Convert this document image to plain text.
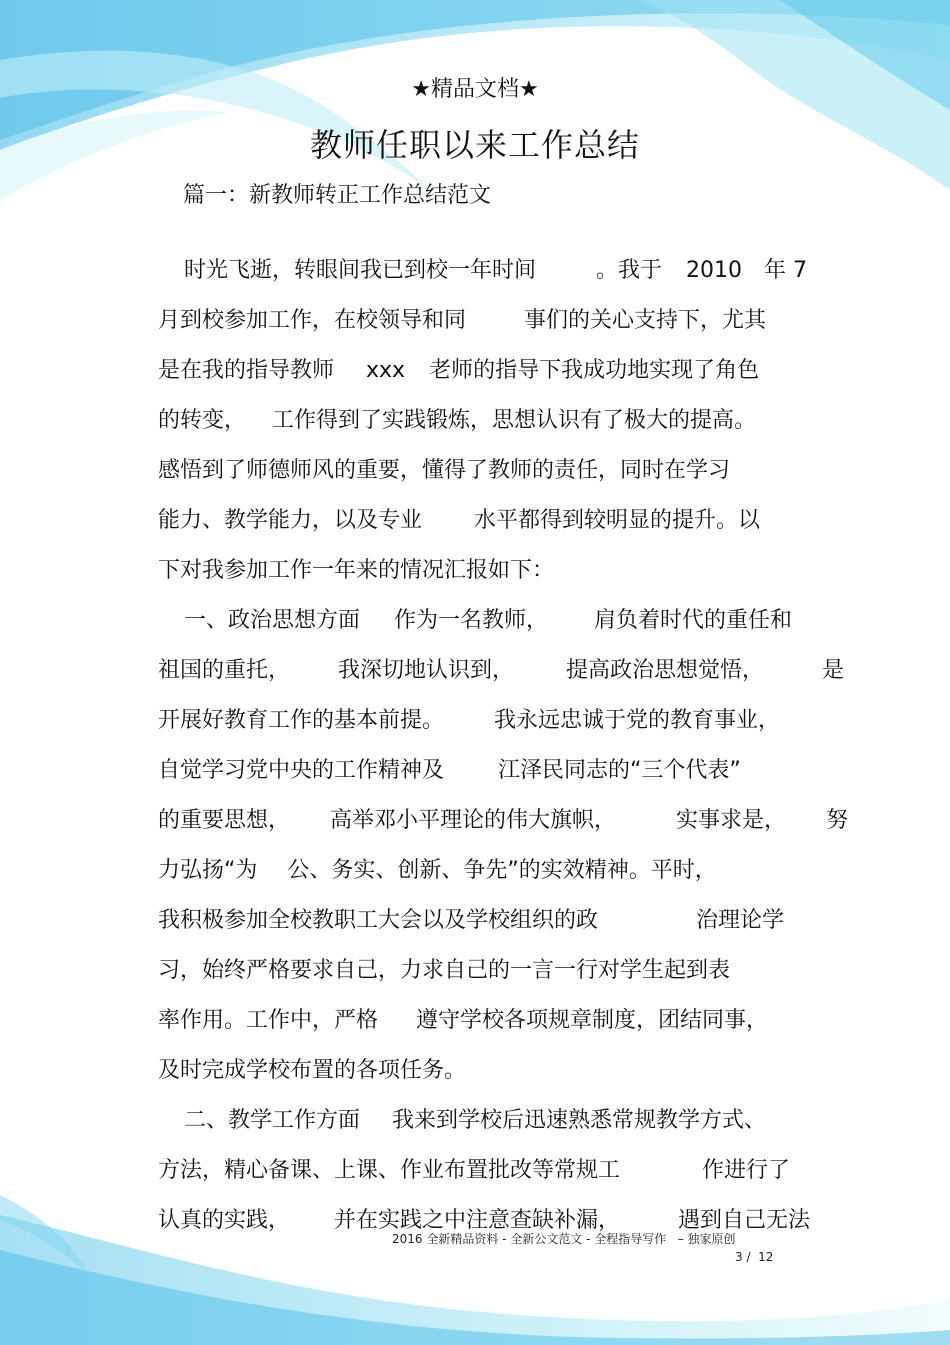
★精品文档★
教师任职以来工作总结
篇一：新教师转正工作总结范文

时光飞逝，转眼间我已到校一年时间	。我于 2010 年 7

月到校参加工作，在校领导和同	事们的关心支持下，尤其

是在我的指导教师 xxx 老师的指导下我成功地实现了角色

的转变， 工作得到了实践锻炼，思想认识有了极大的提高。

感悟到了师德师风的重要，懂得了教师的责任，同时在学习

能力、教学能力，以及专业 水平都得到较明显的提升。以

下对我参加工作一年来的情况汇报如下：

一、政治思想方面 作为一名教师， 肩负着时代的重任和

祖国的重托， 我深切地认识到， 提高政治思想觉悟，	是

开展好教育工作的基本前提。 我永远忠诚于党的教育事业，

自觉学习党中央的工作精神及 江泽民同志的“三个代表”

的重要思想， 高举邓小平理论的伟大旗帜，	实事求是， 努

力弘扬“为 公、务实、创新、争先”的实效精神。平时，

我积极参加全校教职工大会以及学校组织的政	治理论学

习，始终严格要求自己，力求自己的一言一行对学生起到表

率作用。工作中，严格 遵守学校各项规章制度，团结同事，

及时完成学校布置的各项任务。

二、教学工作方面 我来到学校后迅速熟悉常规教学方式、

方法，精心备课、上课、作业布置批改等常规工	作进行了

认真的实践， 并在实践之中注意查缺补漏，	遇到自己无法

2016 全新精品资料 - 全新公文范文 - 全程指导写作   – 独家原创
3 /  12
